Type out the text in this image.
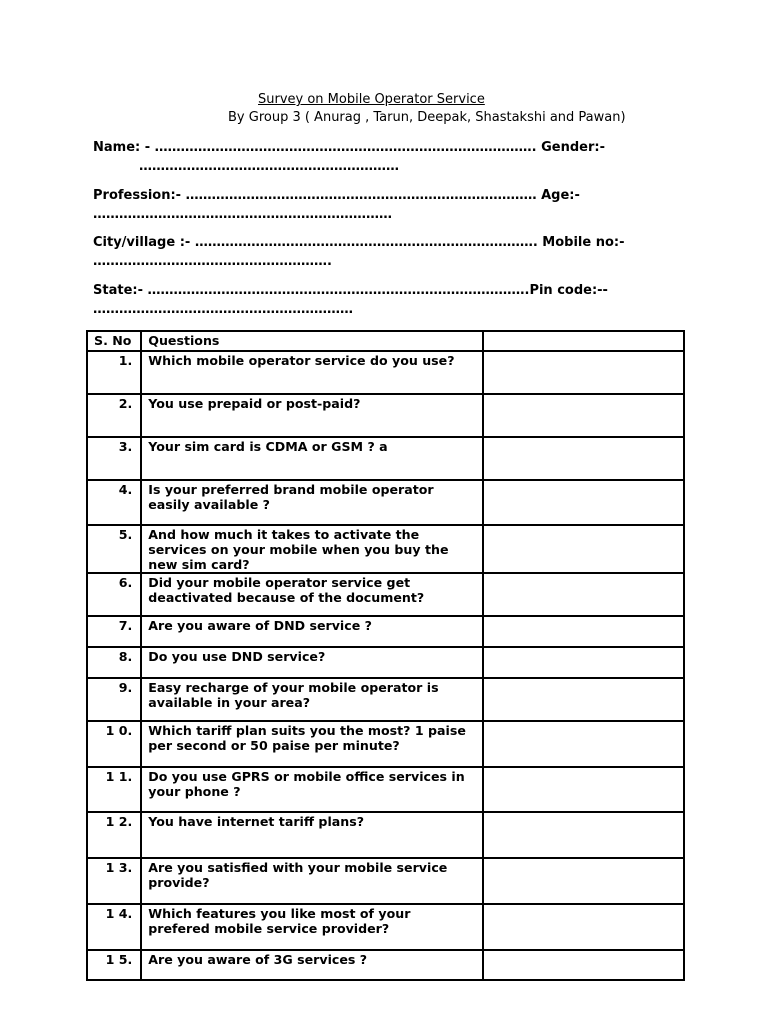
Survey on Mobile Operator Service
By Group 3 ( Anurag , Tarun, Deepak, Shastakshi and Pawan)
Name: - ……………………………………………………………………………. Gender:-
……………………………………………………
Profession:- ……………………………………………………………………… Age:-
……………………………………………………………
City/village :- ……………………………………………………………………. Mobile no:-
……………………………………………….
State:- …………………………………………………………………………….Pin code:--
……………………………………………………
S. No	Questions	
1.	Which mobile operator service do you use?	
2.	You use prepaid or post-paid?	
3.	Your sim card is CDMA or GSM ? a	
4.	Is your preferred brand mobile operator easily available ?	
5.	And how much it takes to activate the services on your mobile when you buy the new sim card?	
6.	Did your mobile operator service get deactivated because of the document?	
7.	Are you aware of DND service ?	
8.	Do you use DND service?	
9.	Easy recharge of your mobile operator is available in your area?	
1 0.	Which tariff plan suits you the most? 1 paise per second or 50 paise per minute?	
1 1.	Do you use GPRS or mobile office services in your phone ?	
1 2.	You have internet tariff plans?	
1 3.	Are you satisfied with your mobile service provide?	
1 4.	Which features you like most of your prefered mobile service provider?	
1 5.	Are you aware of 3G services ?	
